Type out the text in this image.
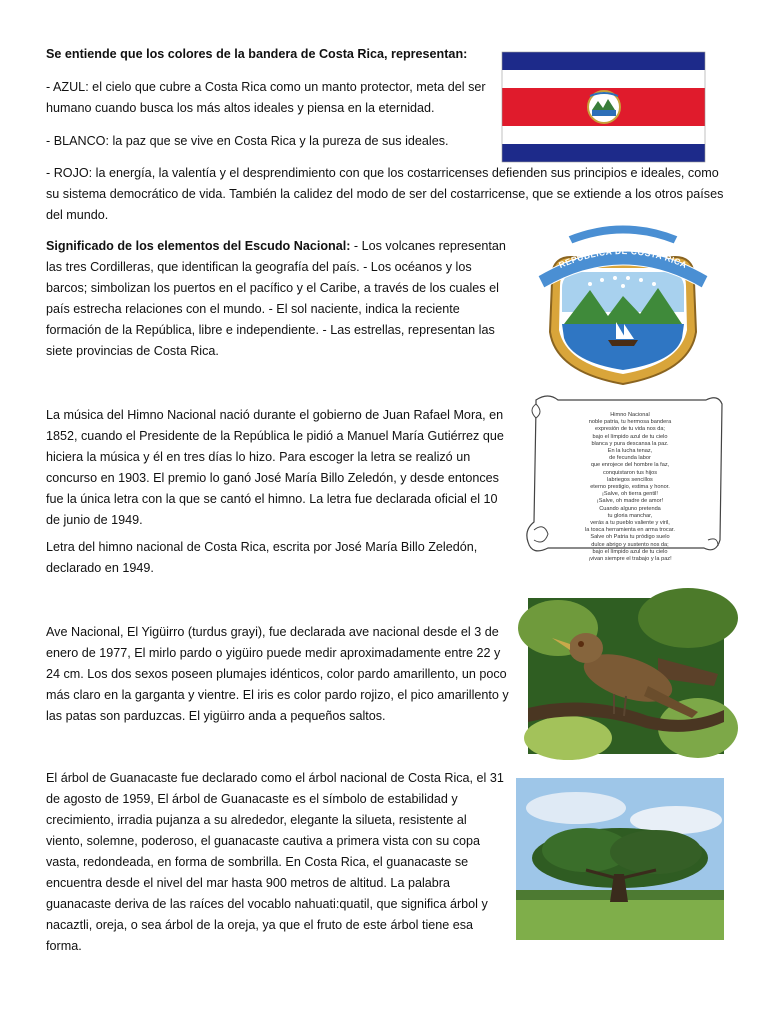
Se entiende que los colores de la bandera de Costa Rica, representan:

- AZUL: el cielo que cubre a Costa Rica como un manto protector, meta del ser humano cuando busca los más altos ideales y piensa en la eternidad.

- BLANCO: la paz que se vive en Costa Rica y la pureza de sus ideales.

- ROJO: la energía, la valentía y el desprendimiento con que los costarricenses defienden sus principios e ideales, como su sistema democrático de vida. También la calidez del modo de ser del costarricense, que se extiende a los otros países del mundo.

Significado de los elementos del Escudo Nacional: - Los volcanes representan las tres Cordilleras, que identifican la geografía del país. - Los océanos y los barcos; simbolizan los puertos en el pacífico y el Caribe, a través de los cuales el país estrecha relaciones con el mundo. - El sol naciente, indica la reciente formación de la República, libre e independiente. - Las estrellas, representan las siete provincias de Costa Rica.

REPUBLICA DE COSTA RICA
AMERICA CENTRAL

La música del Himno Nacional nació durante el gobierno de Juan Rafael Mora, en 1852, cuando el Presidente de la República le pidió a Manuel María Gutiérrez que hiciera la música y él en tres días lo hizo. Para escoger la letra se realizó un concurso en 1903. El premio lo ganó José María Billo Zeledón, y desde entonces fue la única letra con la que se cantó el himno. La letra fue declarada oficial el 10 de junio de 1949.

Letra del himno nacional de Costa Rica, escrita por José María Billo Zeledón, declarado en 1949.

Himno Nacional
noble patria, tu hermosa bandera
expresión de tu vida nos da;
bajo el límpido azul de tu cielo
blanca y pura descansa la paz.
En la lucha tenaz,
de fecunda labor
que enrojece del hombre la faz,
conquistaron tus hijos
labriegos sencillos
eterno prestigio, estima y honor.
¡Salve, oh tierra gentil!
¡Salve, oh madre de amor!
Cuando alguno pretenda
tu gloria manchar,
verás a tu pueblo valiente y viril,
la tosca herramienta en arma trocar.
Salve oh Patria tu pródigo suelo
dulce abrigo y sustento nos da;
bajo el límpido azul de tu cielo
¡vivan siempre el trabajo y la paz!

Ave Nacional, El Yigüirro (turdus grayi), fue declarada ave nacional desde el 3 de enero de 1977, El mirlo pardo o yigüiro puede medir aproximadamente entre 22 y 24 cm. Los dos sexos poseen plumajes idénticos, color pardo amarillento, un poco más claro en la garganta y vientre. El iris es color pardo rojizo, el pico amarillento y las patas son parduzcas. El yigüirro anda a pequeños saltos.

El árbol de Guanacaste fue declarado como el árbol nacional de Costa Rica, el 31 de agosto de 1959, El árbol de Guanacaste es el símbolo de estabilidad y crecimiento, irradia pujanza a su alrededor, elegante la silueta, resistente al viento, solemne, poderoso, el guanacaste cautiva a primera vista con su copa vasta, redondeada, en forma de sombrilla. En Costa Rica, el guanacaste se encuentra desde el nivel del mar hasta 900 metros de altitud. La palabra guanacaste deriva de las raíces del vocablo nahuati:quatil, que significa árbol y nacaztli, oreja, o sea árbol de la oreja, ya que el fruto de este árbol tiene esa forma.
